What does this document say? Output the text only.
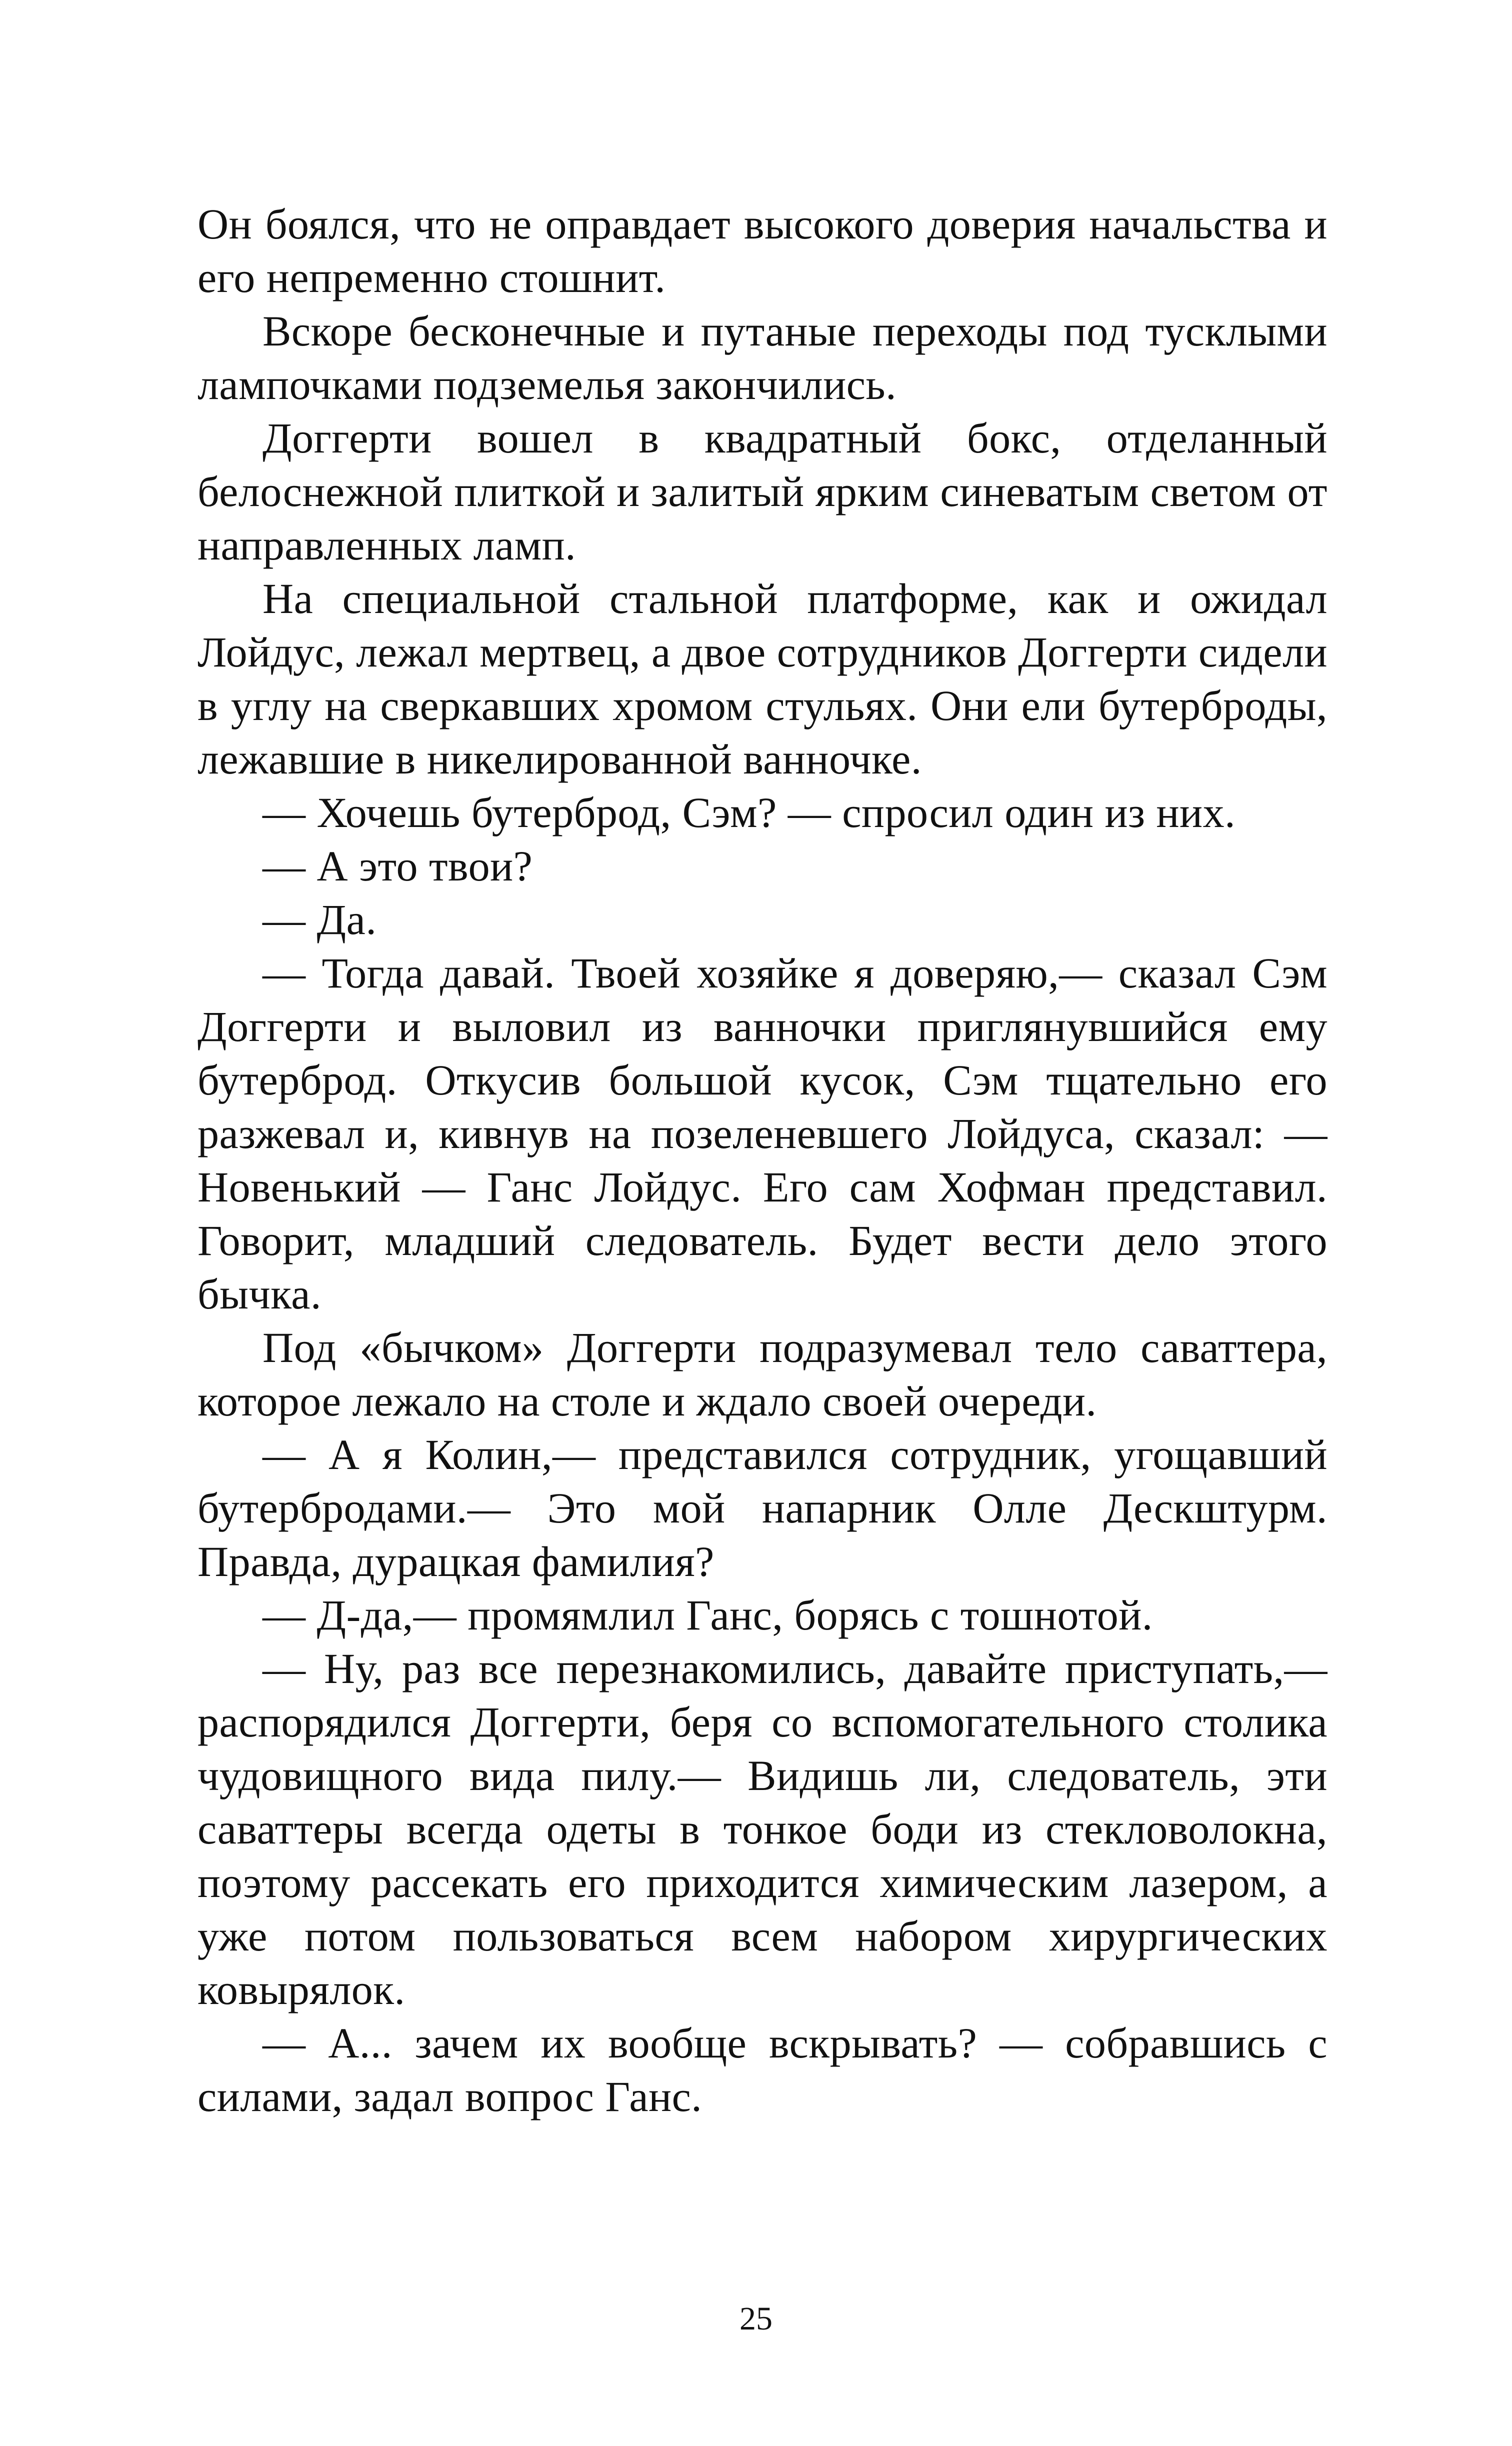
Он боялся, что не оправдает высокого доверия начальства и его непременно стошнит.

Вскоре бесконечные и путаные переходы под тусклыми лампочками подземелья закончились.

Доггерти вошел в квадратный бокс, отделанный белоснежной плиткой и залитый ярким синеватым светом от направленных ламп.

На специальной стальной платформе, как и ожидал Лойдус, лежал мертвец, а двое сотрудников Доггерти сидели в углу на сверкавших хромом стульях. Они ели бутерброды, лежавшие в никелированной ванночке.

— Хочешь бутерброд, Сэм? — спросил один из них.

— А это твои?

— Да.

— Тогда давай. Твоей хозяйке я доверяю,— сказал Сэм Доггерти и выловил из ванночки приглянувшийся ему бутерброд. Откусив большой кусок, Сэм тщательно его разжевал и, кивнув на позеленевшего Лойдуса, сказал: — Новенький — Ганс Лойдус. Его сам Хофман представил. Говорит, младший следователь. Будет вести дело этого бычка.

Под «бычком» Доггерти подразумевал тело саваттера, которое лежало на столе и ждало своей очереди.

— А я Колин,— представился сотрудник, угощавший бутербродами.— Это мой напарник Олле Дескштурм. Правда, дурацкая фамилия?

— Д-да,— промямлил Ганс, борясь с тошнотой.

— Ну, раз все перезнакомились, давайте приступать,— распорядился Доггерти, беря со вспомогательного столика чудовищного вида пилу.— Видишь ли, следователь, эти саваттеры всегда одеты в тонкое боди из стекловолокна, поэтому рассекать его приходится химическим лазером, а уже потом пользоваться всем набором хирургических ковырялок.

— А... зачем их вообще вскрывать? — собравшись с силами, задал вопрос Ганс.

25
